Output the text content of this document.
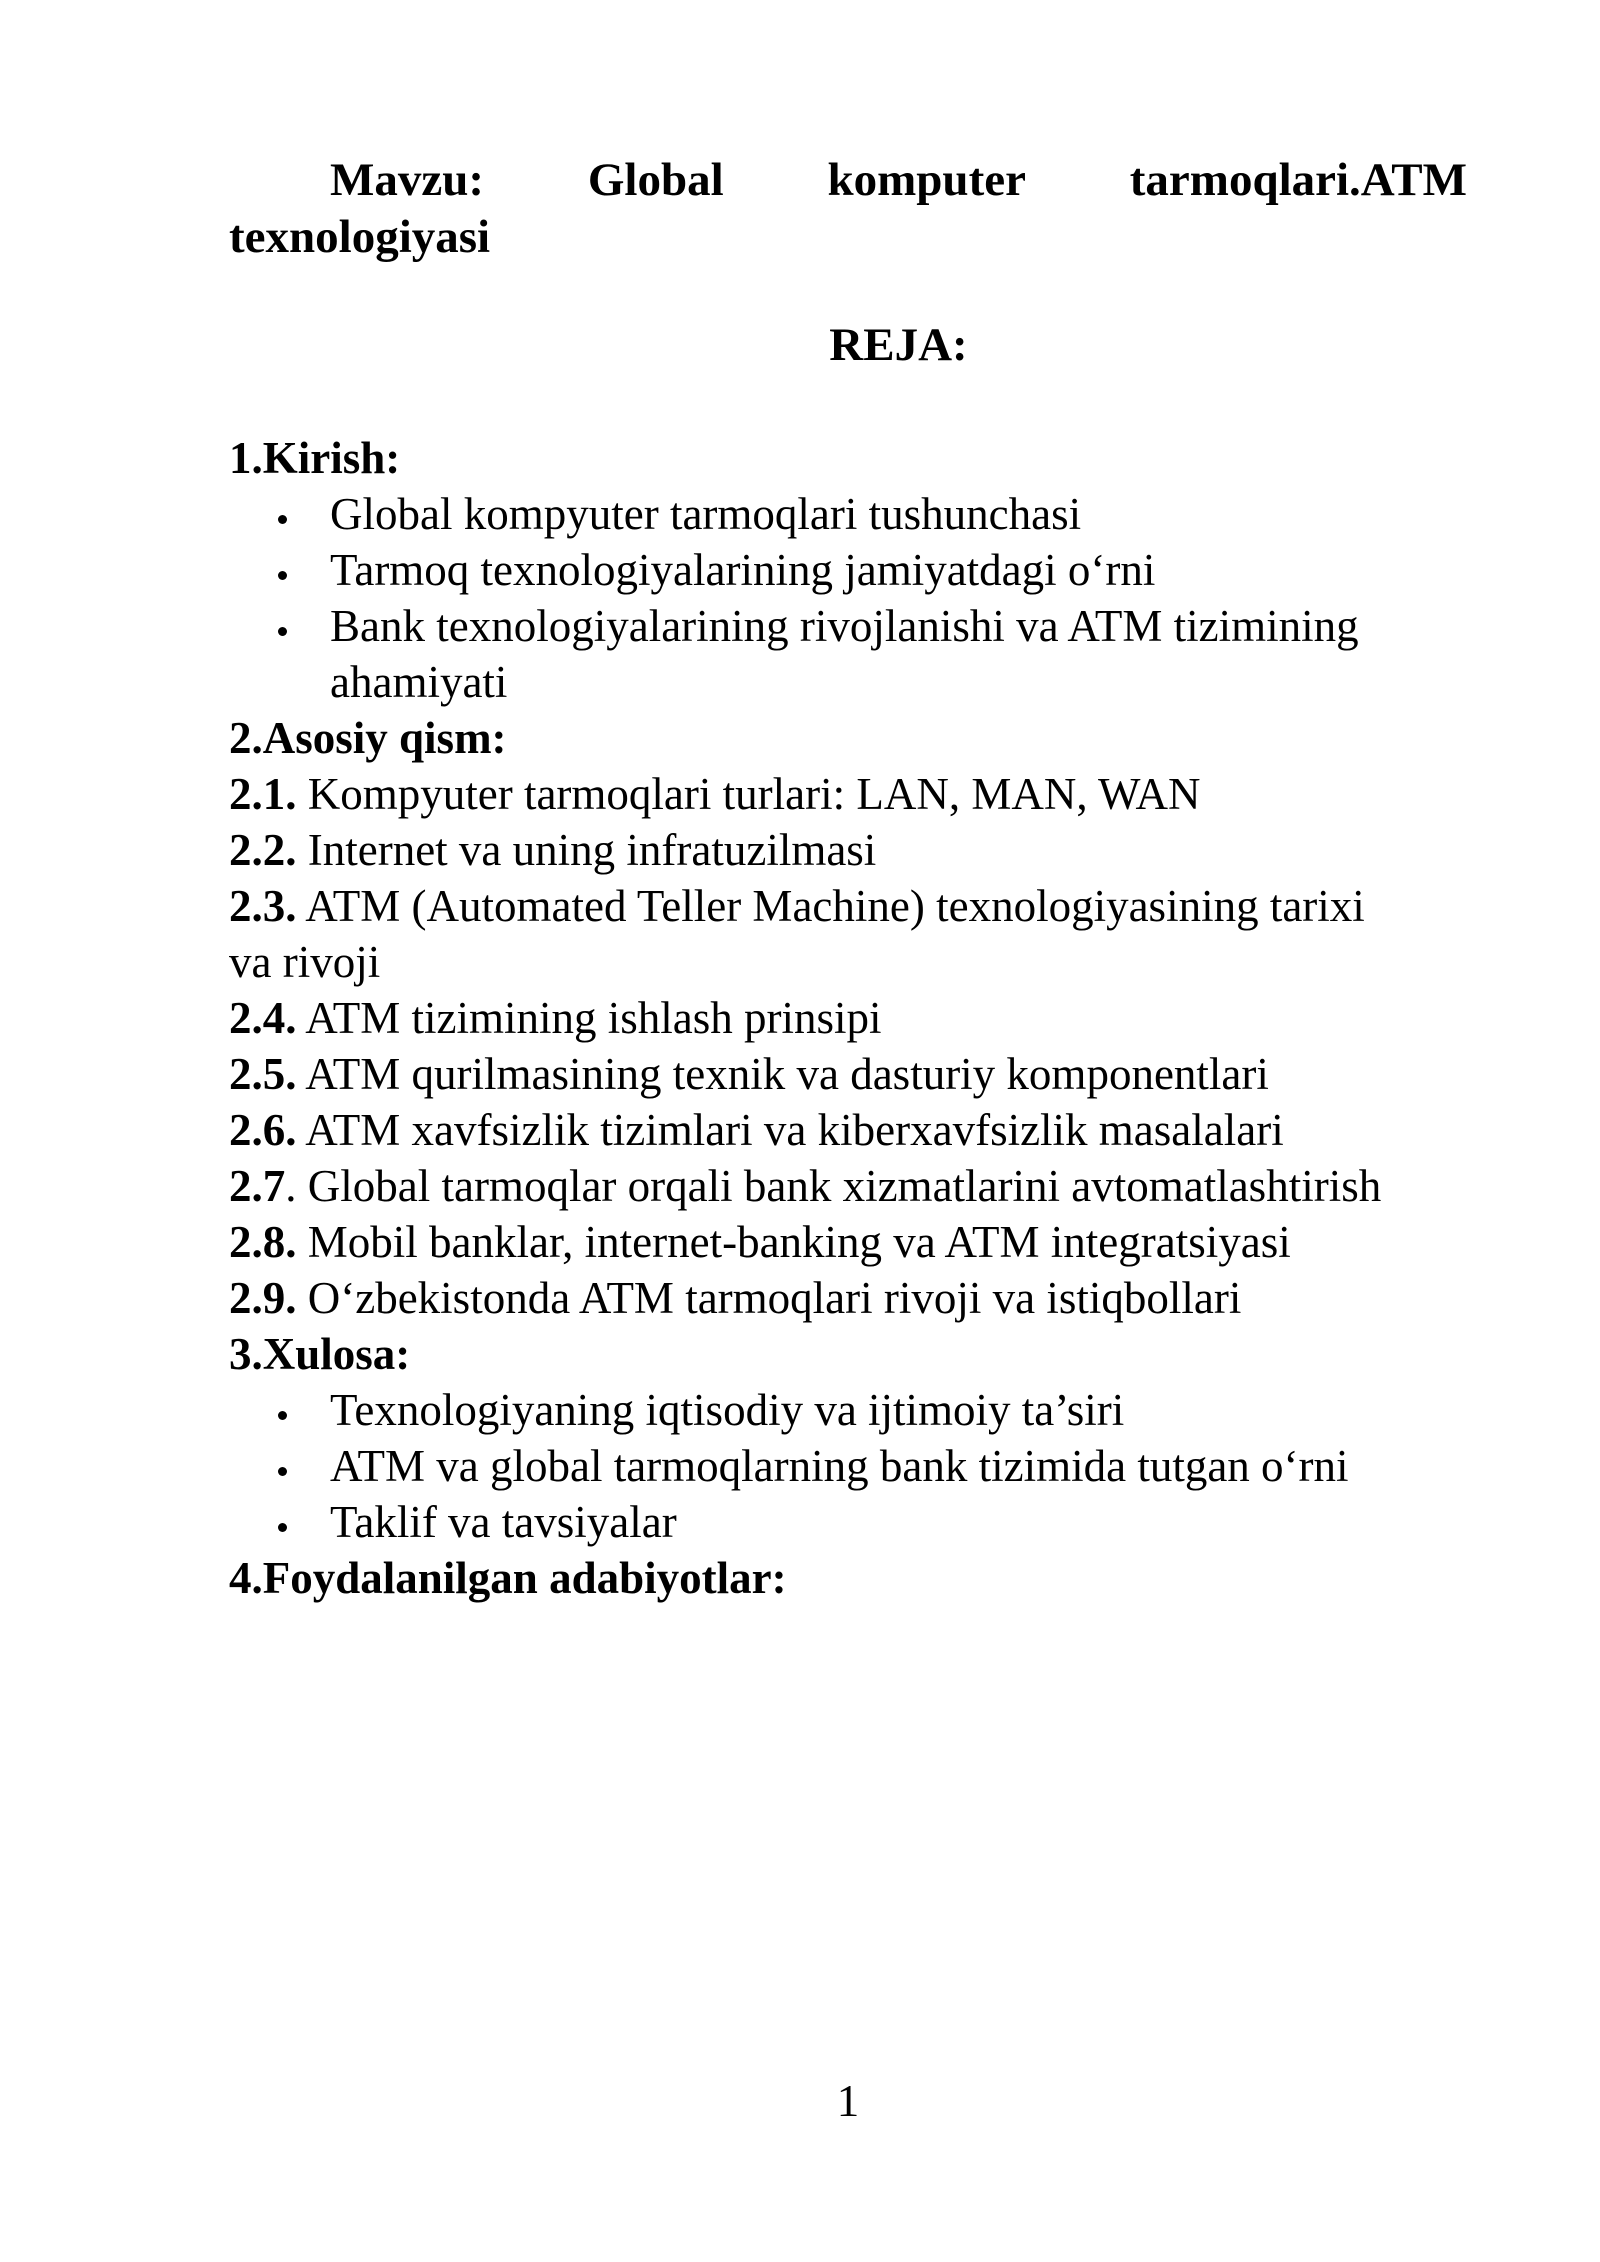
Mavzu: Global komputer tarmoqlari.ATM
texnologiyasi

REJA:

1.Kirish:

Global kompyuter tarmoqlari tushunchasi
Tarmoq texnologiyalarining jamiyatdagi o‘rni
Bank texnologiyalarining rivojlanishi va ATM tizimining
ahamiyati

2.Asosiy qism:

2.1. Kompyuter tarmoqlari turlari: LAN, MAN, WAN

2.2. Internet va uning infratuzilmasi

2.3. ATM (Automated Teller Machine) texnologiyasining tarixi
va rivoji

2.4. ATM tizimining ishlash prinsipi

2.5. ATM qurilmasining texnik va dasturiy komponentlari

2.6. ATM xavfsizlik tizimlari va kiberxavfsizlik masalalari

2.7. Global tarmoqlar orqali bank xizmatlarini avtomatlashtirish

2.8. Mobil banklar, internet-banking va ATM integratsiyasi

2.9. O‘zbekistonda ATM tarmoqlari rivoji va istiqbollari

3.Xulosa:

Texnologiyaning iqtisodiy va ijtimoiy ta’siri
ATM va global tarmoqlarning bank tizimida tutgan o‘rni
Taklif va tavsiyalar

4.Foydalanilgan adabiyotlar:

1
